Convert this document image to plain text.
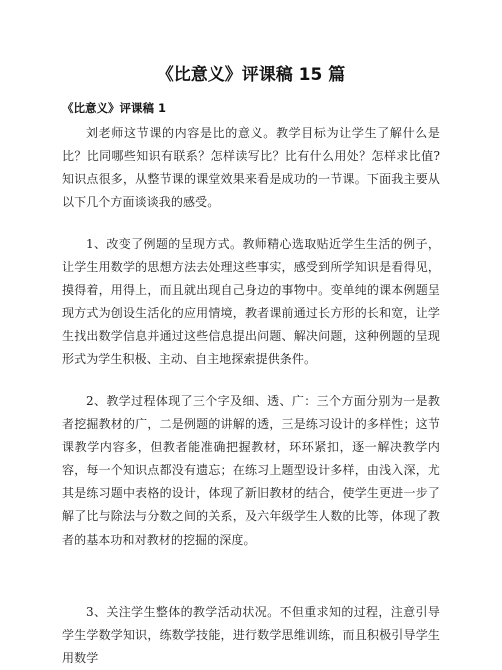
《比意义》评课稿 15 篇
《比意义》评课稿 1

刘老师这节课的内容是比的意义。教学目标为让学生了解什么是比？比同哪些知识有联系？怎样读写比？比有什么用处？怎样求比值?知识点很多，从整节课的课堂效果来看是成功的一节课。下面我主要从以下几个方面谈谈我的感受。

1、改变了例题的呈现方式。教师精心选取贴近学生生活的例子，让学生用数学的思想方法去处理这些事实，感受到所学知识是看得见，摸得着，用得上，而且就出现自己身边的事物中。变单纯的课本例题呈现方式为创设生活化的应用情境，教者课前通过长方形的长和宽，让学生找出数学信息并通过这些信息提出问题、解决问题，这种例题的呈现形式为学生积极、主动、自主地探索提供条件。

2、教学过程体现了三个字及细、透、广：三个方面分别为一是教者挖掘教材的广，二是例题的讲解的透，三是练习设计的多样性；这节课教学内容多，但教者能准确把握教材，环环紧扣，逐一解决教学内容，每一个知识点都没有遗忘；在练习上题型设计多样，由浅入深，尤其是练习题中表格的设计，体现了新旧教材的结合，使学生更进一步了解了比与除法与分数之间的关系，及六年级学生人数的比等，体现了教者的基本功和对教材的挖掘的深度。

3、关注学生整体的教学活动状况。不但重求知的过程，注意引导学生学数学知识，练数学技能，进行数学思维训练，而且积极引导学生用数学
